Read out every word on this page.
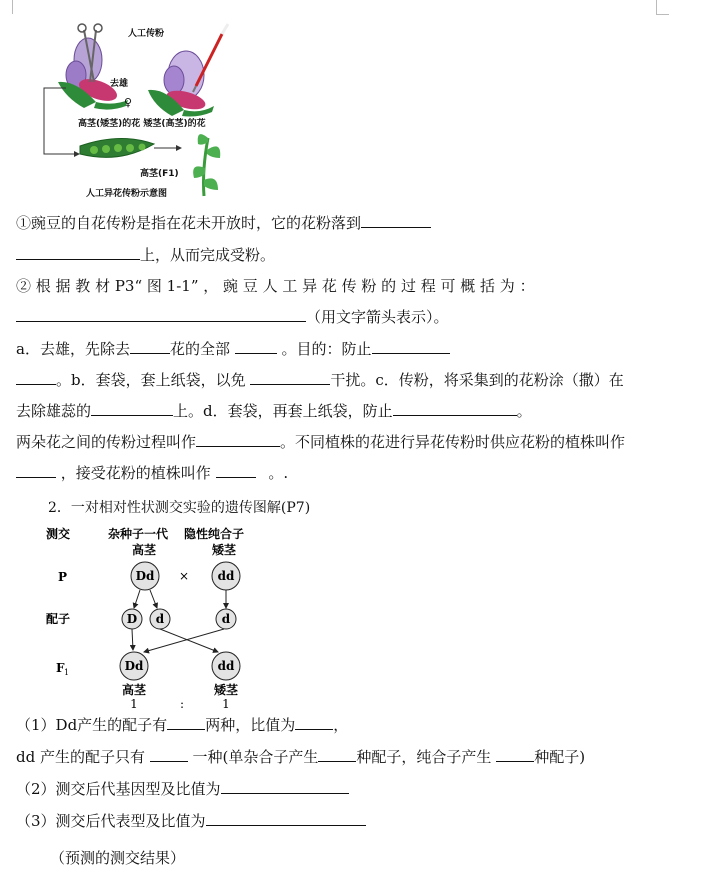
人工传粉
去雄
♀
高茎(矮茎)的花 矮茎(高茎)的花
高茎(F1)
人工异花传粉示意图
①豌豆的自花传粉是指在花未开放时，它的花粉落到
上，从而完成受粉。
② 根 据 教 材 P3“ 图 1-1” ， 豌 豆 人 工 异 花 传 粉 的 过 程 可 概 括 为 ：
（用文字箭头表示）。
a．去雄，先除去	花的全部	。目的：防止
。b．套袋，套上纸袋，以免	干扰。c．传粉，将采集到的花粉涂（撒）在
去除雄蕊的	上。d．套袋，再套上纸袋，防止	。
两朵花之间的传粉过程叫作	。不同植株的花进行异花传粉时供应花粉的植株叫作
，接受花粉的植株叫作	。.
2．一对相对性状测交实验的遗传图解(P7)
测交	杂种子一代 隐性纯合子
高茎	矮茎
P
配子
F 1
Dd × dd
D d	d
Dd	dd
高茎	矮茎
1	:	1
（1）Dd产生的配子有	两种，比值为	，
dd 产生的配子只有	一种(单杂合子产生	种配子，纯合子产生	种配子)
（2）测交后代基因型及比值为
（3）测交后代表型及比值为
（预测的测交结果）
